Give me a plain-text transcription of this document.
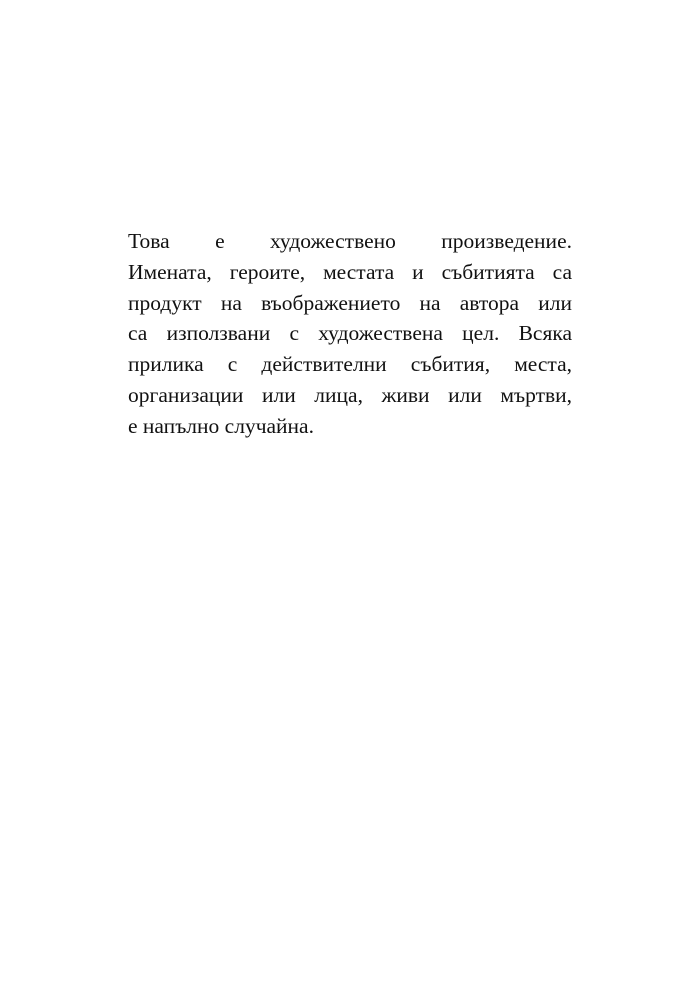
Това е художествено произведение.
Имената, героите, местата и събитията са
продукт на въображението на автора или
са използвани с художествена цел. Всяка
прилика с действителни събития, места,
организации или лица, живи или мъртви,
е напълно случайна.
